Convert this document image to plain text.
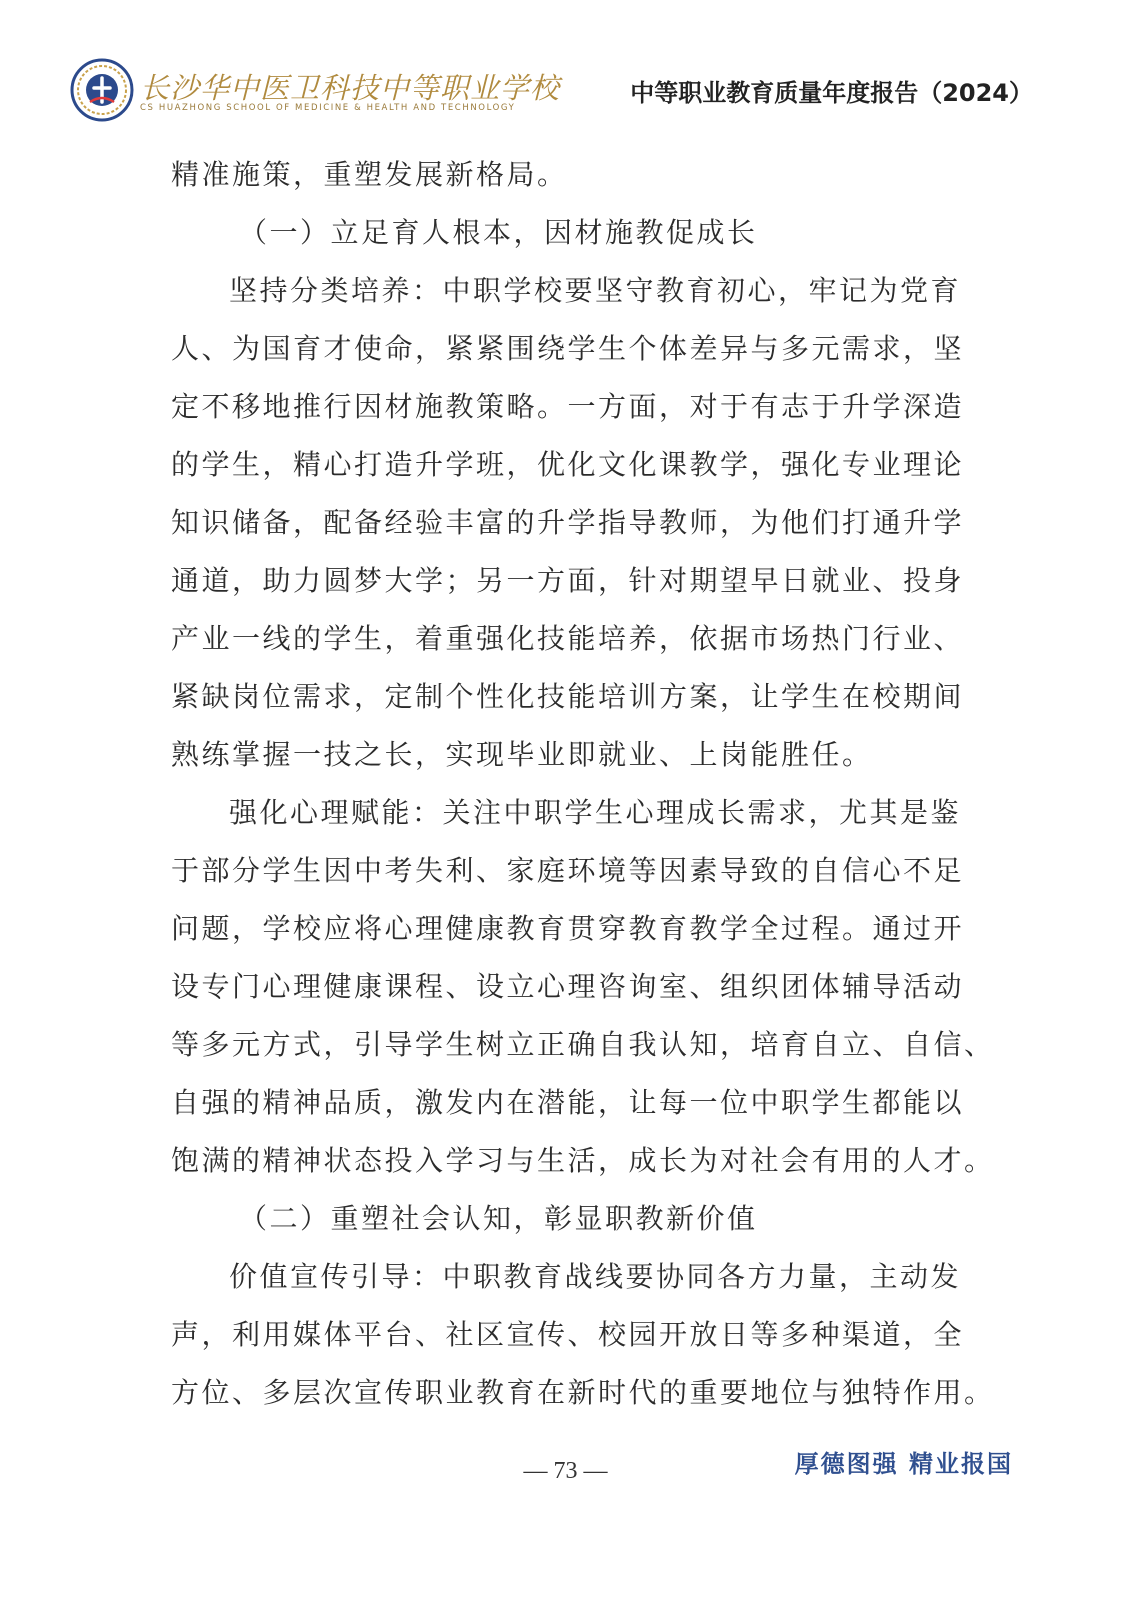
长沙华中医卫科技中等职业学校
CS HUAZHONG SCHOOL OF MEDICINE & HEALTH AND TECHNOLOGY
中等职业教育质量年度报告（2024）
精准施策，重塑发展新格局。
（一）立足育人根本，因材施教促成长
坚持分类培养：中职学校要坚守教育初心，牢记为党育
人、为国育才使命，紧紧围绕学生个体差异与多元需求，坚
定不移地推行因材施教策略。一方面，对于有志于升学深造
的学生，精心打造升学班，优化文化课教学，强化专业理论
知识储备，配备经验丰富的升学指导教师，为他们打通升学
通道，助力圆梦大学；另一方面，针对期望早日就业、投身
产业一线的学生，着重强化技能培养，依据市场热门行业、
紧缺岗位需求，定制个性化技能培训方案，让学生在校期间
熟练掌握一技之长，实现毕业即就业、上岗能胜任。
强化心理赋能：关注中职学生心理成长需求，尤其是鉴
于部分学生因中考失利、家庭环境等因素导致的自信心不足
问题，学校应将心理健康教育贯穿教育教学全过程。通过开
设专门心理健康课程、设立心理咨询室、组织团体辅导活动
等多元方式，引导学生树立正确自我认知，培育自立、自信、
自强的精神品质，激发内在潜能，让每一位中职学生都能以
饱满的精神状态投入学习与生活，成长为对社会有用的人才。
（二）重塑社会认知，彰显职教新价值
价值宣传引导：中职教育战线要协同各方力量，主动发
声，利用媒体平台、社区宣传、校园开放日等多种渠道，全
方位、多层次宣传职业教育在新时代的重要地位与独特作用。
— 73 —	厚德图强 精业报国
